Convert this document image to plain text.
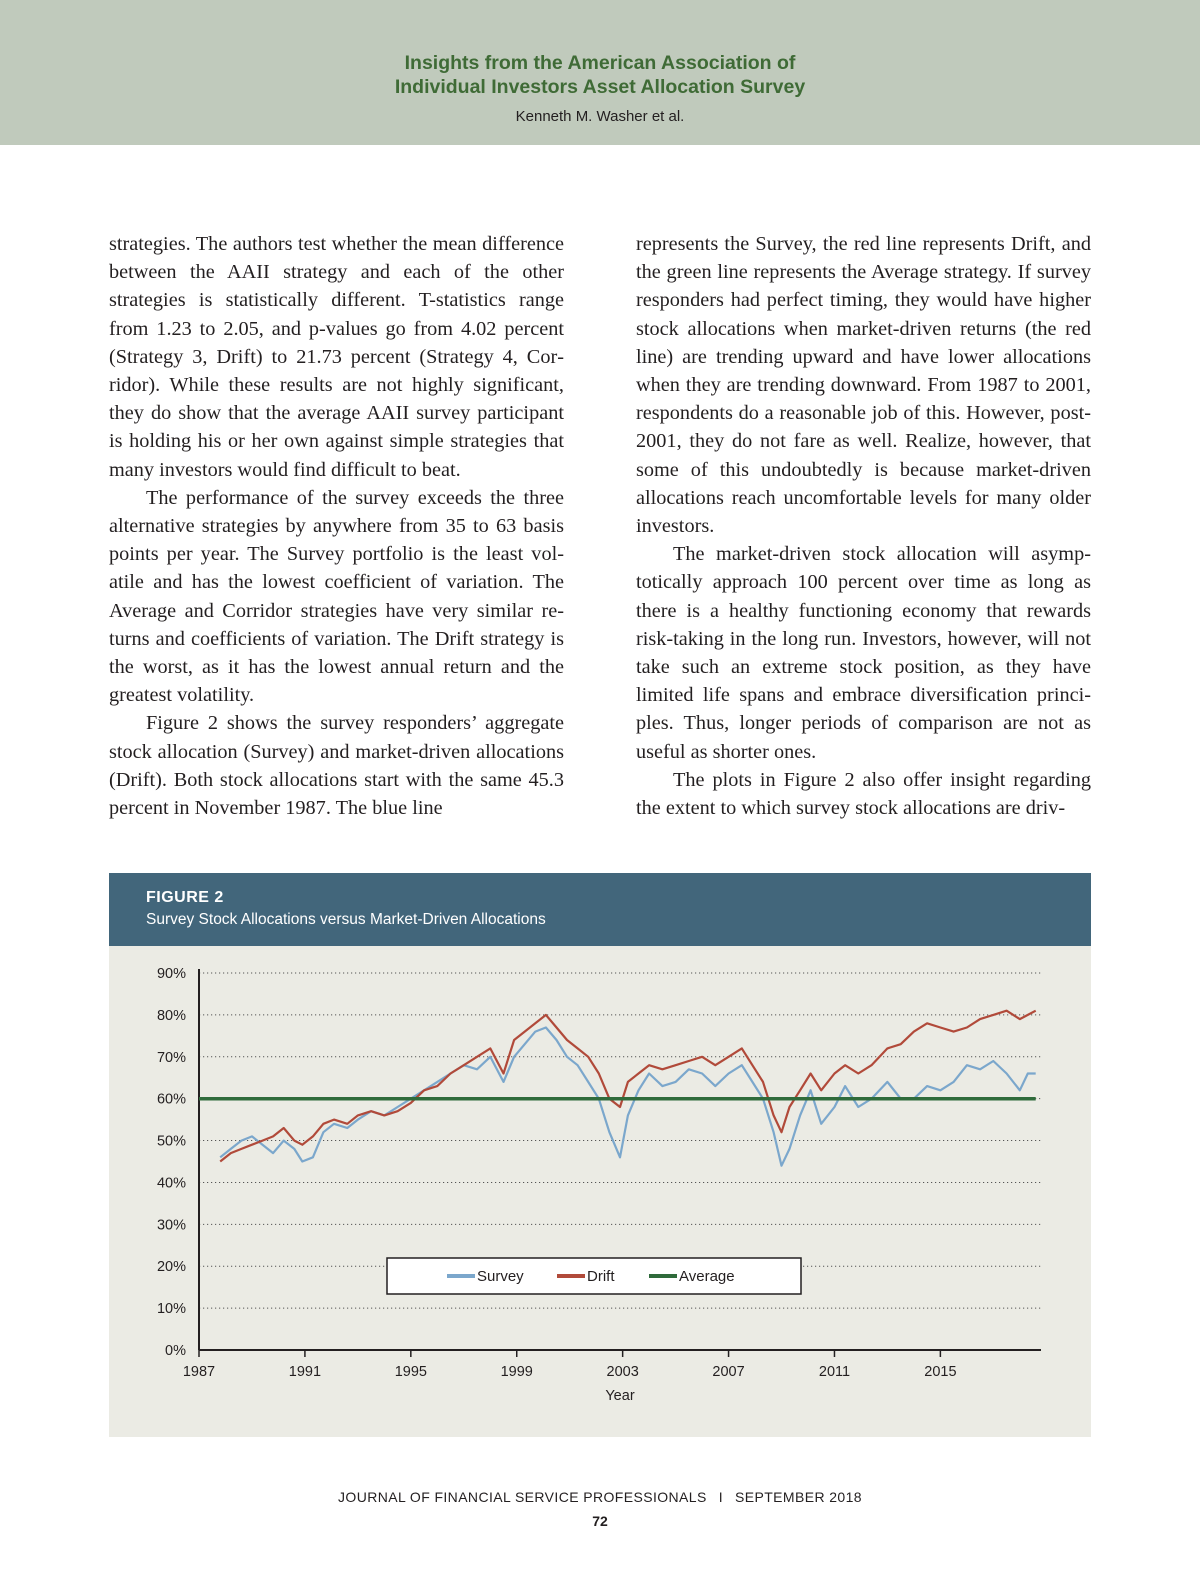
Insights from the American Association of
Individual Investors Asset Allocation Survey
Kenneth M. Washer et al.

strategies. The authors test whether the mean difference between the AAII strategy and each of the other strategies is statistically different. T-statistics range from 1.23 to 2.05, and p-values go from 4.02 percent (Strategy 3, Drift) to 21.73 percent (Strategy 4, Corridor). While these results are not highly significant, they do show that the average AAII survey participant is holding his or her own against simple strategies that many investors would find difficult to beat.

The performance of the survey exceeds the three alternative strategies by anywhere from 35 to 63 basis points per year. The Survey portfolio is the least volatile and has the lowest coefficient of variation. The Average and Corridor strategies have very similar returns and coefficients of variation. The Drift strategy is the worst, as it has the lowest annual return and the greatest volatility.

Figure 2 shows the survey responders’ aggregate stock allocation (Survey) and market-driven allocations (Drift). Both stock allocations start with the same 45.3 percent in November 1987. The blue line

represents the Survey, the red line represents Drift, and the green line represents the Average strategy. If survey responders had perfect timing, they would have higher stock allocations when market-driven returns (the red line) are trending upward and have lower allocations when they are trending downward. From 1987 to 2001, respondents do a reasonable job of this. However, post-2001, they do not fare as well. Realize, however, that some of this undoubtedly is because market-driven allocations reach uncomfortable levels for many older investors.

The market-driven stock allocation will asymptotically approach 100 percent over time as long as there is a healthy functioning economy that rewards risk-taking in the long run. Investors, however, will not take such an extreme stock position, as they have limited life spans and embrace diversification principles. Thus, longer periods of comparison are not as useful as shorter ones.

The plots in Figure 2 also offer insight regarding the extent to which survey stock allocations are driv-

FIGURE 2
Survey Stock Allocations versus Market-Driven Allocations
0%
10%
20%
30%
40%
50%
60%
70%
80%
90%
1987	1991	1995	1999	2003	2007	2011	2015
Year
Survey	Drift	Average
JOURNAL OF FINANCIAL SERVICE PROFESSIONALS I SEPTEMBER 2018
72
